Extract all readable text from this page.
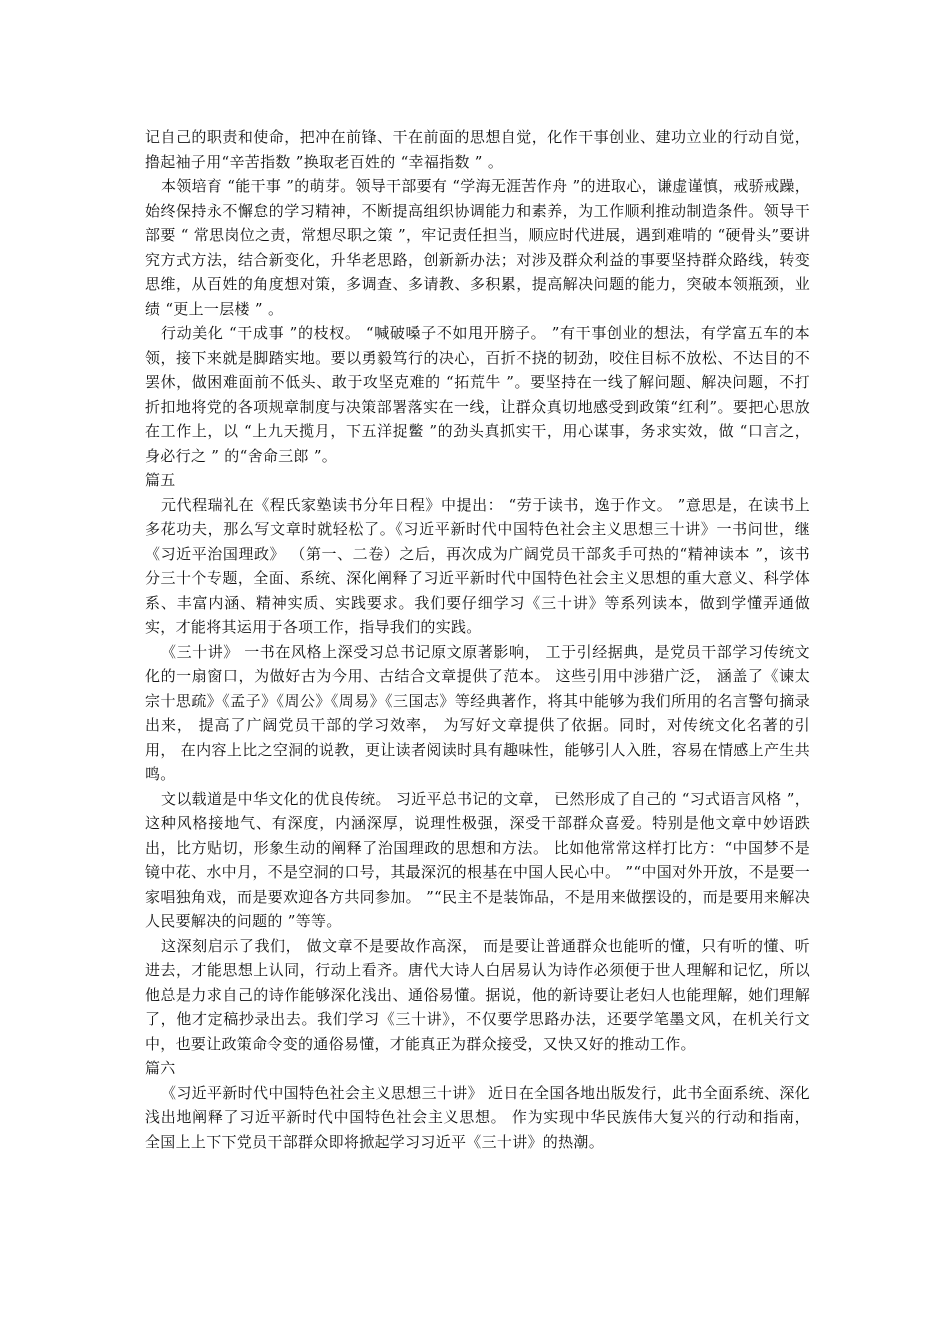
记自己的职责和使命，把冲在前锋、干在前面的思想自觉，化作干事创业、建功立业的行动自觉，撸起袖子用“辛苦指数 ”换取老百姓的 “幸福指数 ” 。

本领培育 “能干事 ”的萌芽。领导干部要有 “学海无涯苦作舟 ”的进取心，谦虚谨慎，戒骄戒躁，始终保持永不懈怠的学习精神，不断提高组织协调能力和素养，为工作顺利推动制造条件。领导干部要 “ 常思岗位之责，常想尽职之策 ”，牢记责任担当，顺应时代进展，遇到难啃的 “硬骨头”要讲究方式方法，结合新变化，升华老思路，创新新办法；对涉及群众利益的事要坚持群众路线，转变思维，从百姓的角度想对策，多调查、多请教、多积累，提高解决问题的能力，突破本领瓶颈，业绩 “更上一层楼 ” 。

行动美化 “干成事 ”的枝杈。 “喊破嗓子不如甩开膀子。 ”有干事创业的想法，有学富五车的本领，接下来就是脚踏实地。要以勇毅笃行的决心，百折不挠的韧劲，咬住目标不放松、不达目的不罢休，做困难面前不低头、敢于攻坚克难的 “拓荒牛 ”。要坚持在一线了解问题、解决问题，不打折扣地将党的各项规章制度与决策部署落实在一线，让群众真切地感受到政策“红利”。要把心思放在工作上，以 “上九天揽月，下五洋捉鳖 ”的劲头真抓实干，用心谋事，务求实效，做 “口言之，身必行之 ” 的“舍命三郎 ”。

篇五

元代程瑞礼在《程氏家塾读书分年日程》中提出： “劳于读书，逸于作文。 ”意思是，在读书上多花功夫，那么写文章时就轻松了。《习近平新时代中国特色社会主义思想三十讲》一书问世，继《习近平治国理政》 （第一、二卷）之后，再次成为广阔党员干部炙手可热的“精神读本 ”，该书分三十个专题，全面、系统、深化阐释了习近平新时代中国特色社会主义思想的重大意义、科学体系、丰富内涵、精神实质、实践要求。我们要仔细学习《三十讲》等系列读本，做到学懂弄通做实，才能将其运用于各项工作，指导我们的实践。

《三十讲》 一书在风格上深受习总书记原文原著影响， 工于引经据典，是党员干部学习传统文化的一扇窗口，为做好古为今用、古结合文章提供了范本。 这些引用中涉猎广泛， 涵盖了《谏太宗十思疏》《孟子》《周公》《周易》《三国志》等经典著作，将其中能够为我们所用的名言警句摘录出来， 提高了广阔党员干部的学习效率， 为写好文章提供了依据。同时，对传统文化名著的引用， 在内容上比之空洞的说教，更让读者阅读时具有趣味性，能够引人入胜，容易在情感上产生共鸣。

文以载道是中华文化的优良传统。 习近平总书记的文章， 已然形成了自己的 “习式语言风格 ”，这种风格接地气、有深度，内涵深厚，说理性极强，深受干部群众喜爱。特别是他文章中妙语跌出，比方贴切，形象生动的阐释了治国理政的思想和方法。 比如他常常这样打比方：“中国梦不是镜中花、水中月，不是空洞的口号，其最深沉的根基在中国人民心中。 ”“中国对外开放，不是要一家唱独角戏，而是要欢迎各方共同参加。 ”“民主不是装饰品，不是用来做摆设的，而是要用来解决人民要解决的问题的 ”等等。

这深刻启示了我们， 做文章不是要故作高深， 而是要让普通群众也能听的懂，只有听的懂、听进去，才能思想上认同，行动上看齐。唐代大诗人白居易认为诗作必须便于世人理解和记忆，所以他总是力求自己的诗作能够深化浅出、通俗易懂。据说，他的新诗要让老妇人也能理解，她们理解了，他才定稿抄录出去。我们学习《三十讲》，不仅要学思路办法，还要学笔墨文风，在机关行文中，也要让政策命令变的通俗易懂，才能真正为群众接受，又快又好的推动工作。

篇六

《习近平新时代中国特色社会主义思想三十讲》 近日在全国各地出版发行，此书全面系统、深化浅出地阐释了习近平新时代中国特色社会主义思想。 作为实现中华民族伟大复兴的行动和指南， 全国上上下下党员干部群众即将掀起学习习近平《三十讲》的热潮。
